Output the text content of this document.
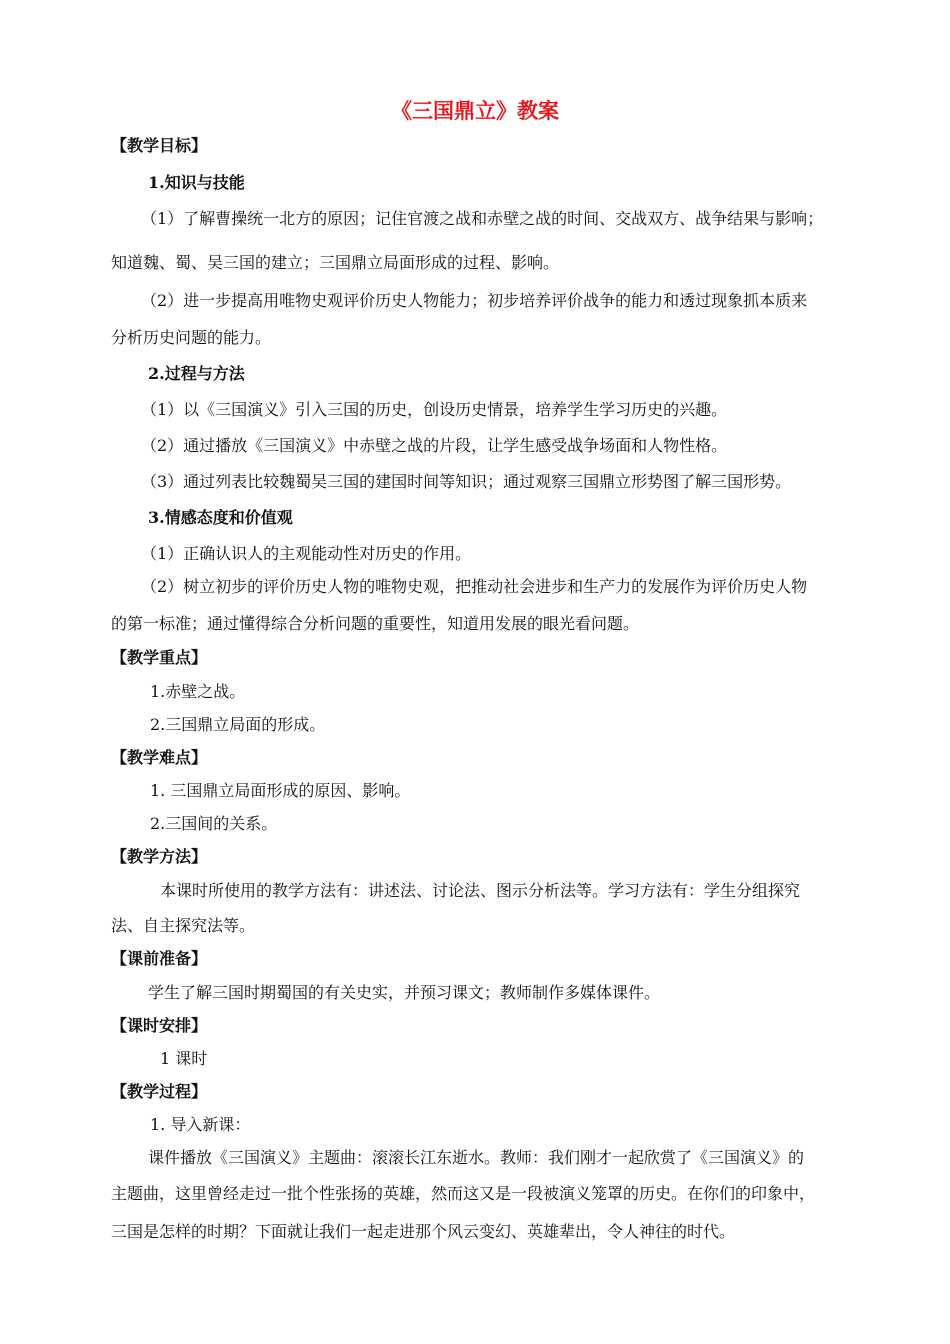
《三国鼎立》教案

【教学目标】

1.知识与技能

（1）了解曹操统一北方的原因；记住官渡之战和赤壁之战的时间、交战双方、战争结果与影响；

知道魏、蜀、吴三国的建立；三国鼎立局面形成的过程、影响。

（2）进一步提高用唯物史观评价历史人物能力；初步培养评价战争的能力和透过现象抓本质来

分析历史问题的能力。

2.过程与方法

（1）以《三国演义》引入三国的历史，创设历史情景，培养学生学习历史的兴趣。

（2）通过播放《三国演义》中赤壁之战的片段，让学生感受战争场面和人物性格。

（3）通过列表比较魏蜀吴三国的建国时间等知识；通过观察三国鼎立形势图了解三国形势。

3.情感态度和价值观

（1）正确认识人的主观能动性对历史的作用。

（2）树立初步的评价历史人物的唯物史观，把推动社会进步和生产力的发展作为评价历史人物

的第一标准；通过懂得综合分析问题的重要性，知道用发展的眼光看问题。

【教学重点】

1.赤壁之战。

2.三国鼎立局面的形成。

【教学难点】

1. 三国鼎立局面形成的原因、影响。

2.三国间的关系。

【教学方法】

本课时所使用的教学方法有：讲述法、讨论法、图示分析法等。学习方法有：学生分组探究

法、自主探究法等。

【课前准备】

学生了解三国时期蜀国的有关史实，并预习课文；教师制作多媒体课件。

【课时安排】

1 课时

【教学过程】

1. 导入新课：

课件播放《三国演义》主题曲：滚滚长江东逝水。教师：我们刚才一起欣赏了《三国演义》的

主题曲，这里曾经走过一批个性张扬的英雄，然而这又是一段被演义笼罩的历史。在你们的印象中，

三国是怎样的时期？下面就让我们一起走进那个风云变幻、英雄辈出，令人神往的时代。
